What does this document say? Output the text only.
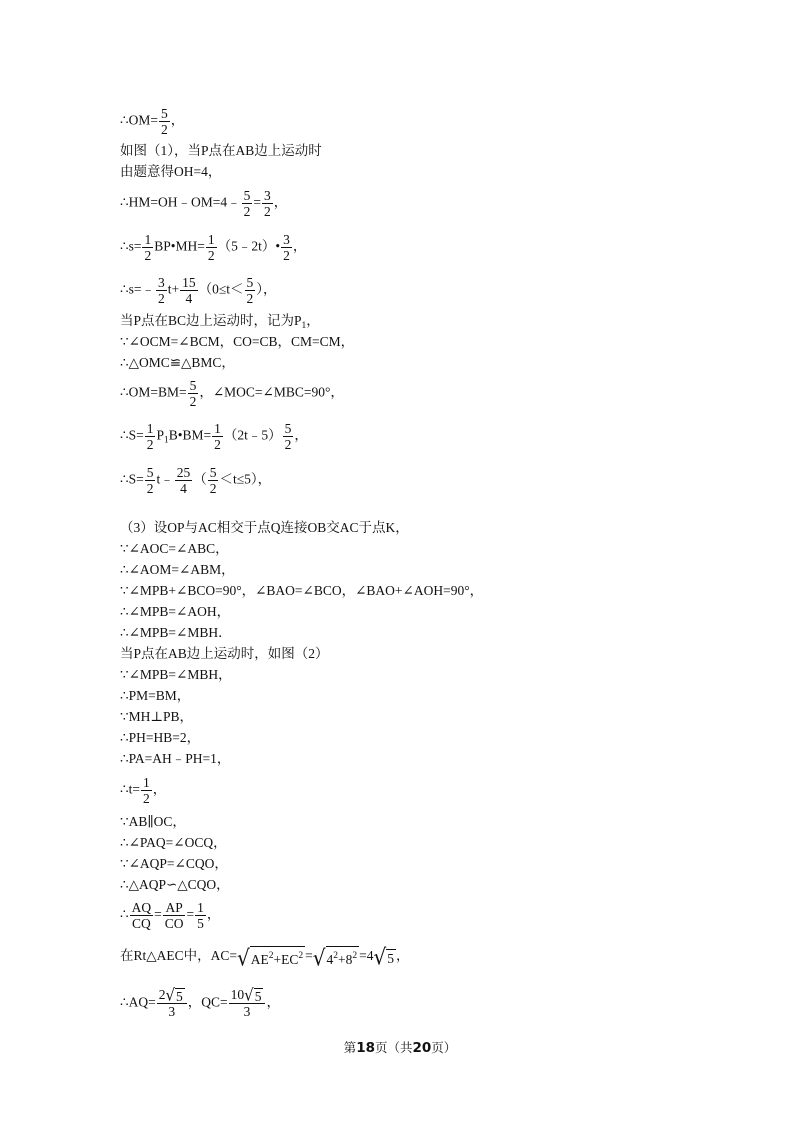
∴OM= $\frac{5}{2}$ ，
如图（1），当P点在AB边上运动时
由题意得OH=4，
∴HM=OH﹣OM=4﹣ $\frac{5}{2} = \frac{3}{2}$ ，
∴s= $\frac{1}{2}$ BP•MH= $\frac{1}{2}$ （5﹣2t）• $\frac{3}{2}$ ，
∴s=﹣ $\frac{3}{2} t+ \frac{15}{4} (0\le t< \frac{5}{2}$ ），
当P点在BC边上运动时，记为$P_1$，
∵∠OCM=∠BCM，CO=CB，CM=CM，
∴△OMC≌△BMC，
∴OM=BM= $\frac{5}{2}$ ，∠MOC=∠MBC=90°，
∴S= $\frac{1}{2}$ $P_1B•BM= \frac{1}{2}$ （2t﹣5） $\frac{5}{2}$ ，
∴S= $\frac{5}{2}$ t﹣ $\frac{25}{4}$ （ $\frac{5}{2} <t\le 5$），
（3）设OP与AC相交于点Q连接OB交AC于点K，
∵∠AOC=∠ABC，
∴∠AOM=∠ABM，
∵∠MPB+∠BCO=90°，∠BAO=∠BCO，∠BAO+∠AOH=90°，
∴∠MPB=∠AOH，
∴∠MPB=∠MBH．
当P点在AB边上运动时，如图（2）
∵∠MPB=∠MBH，
∴PM=BM，
∵MH⊥PB，
∴PH=HB=2，
∴PA=AH﹣PH=1，
∴t= $\frac{1}{2}$ ，
∵AB∥OC，
∴∠PAQ=∠OCQ，
∵∠AQP=∠CQO，
∴△AQP∽△CQO，
∴ $\frac{AQ}{CQ} = \frac{AP}{CO} = \frac{1}{5}$ ，
在Rt△AEC中，AC= √ $AE^2+EC^2$ = √ $4^2+8^2 =4$ √ 5 ，
∴AQ= $\frac{2 √ 5}{3}$ ，$QC= \frac{10 √ 5}{3}$ ，
第18页（共20页）
